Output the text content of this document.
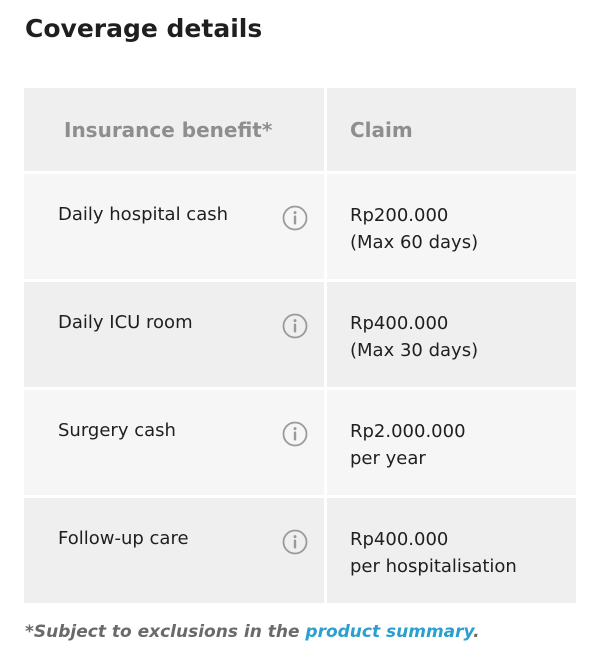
Coverage details
Insurance benefit*	Claim
Daily hospital cash	Rp200.000
(Max 60 days)
Daily ICU room	Rp400.000
(Max 30 days)
Surgery cash	Rp2.000.000
per year
Follow-up care	Rp400.000
per hospitalisation

*Subject to exclusions in the product summary.
